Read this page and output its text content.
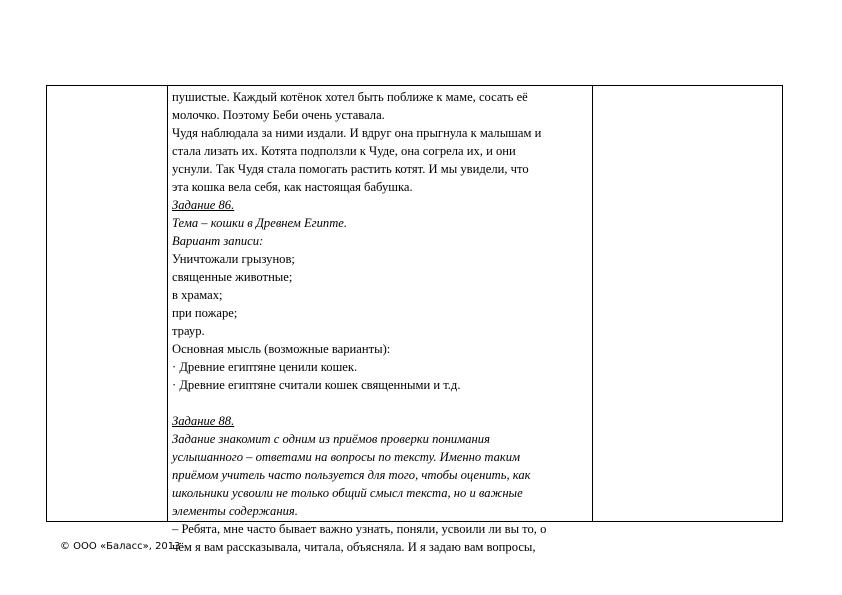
пушистые. Каждый котёнок хотел быть поближе к маме, сосать её

молочко. Поэтому Беби очень уставала.

Чудя наблюдала за ними издали. И вдруг она прыгнула к малышам и

стала лизать их. Котята подползли к Чуде, она согрела их, и они

уснули. Так Чудя стала помогать растить котят. И мы увидели, что

эта кошка вела себя, как настоящая бабушка.

Задание 86.

Тема – кошки в Древнем Египте.

Вариант записи:

Уничтожали грызунов;

священные животные;

в храмах;

при пожаре;

траур.

Основная мысль (возможные варианты):

· Древние египтяне ценили кошек.

· Древние египтяне считали кошек священными и т.д.

Задание 88.

Задание знакомит с одним из приёмов проверки понимания

услышанного – ответами на вопросы по тексту. Именно таким

приёмом учитель часто пользуется для того, чтобы оценить, как

школьники усвоили не только общий смысл текста, но и важные

элементы содержания.

– Ребята, мне часто бывает важно узнать, поняли, усвоили ли вы то, о

чём я вам рассказывала, читала, объясняла. И я задаю вам вопросы,

© ООО «Баласс», 2013
